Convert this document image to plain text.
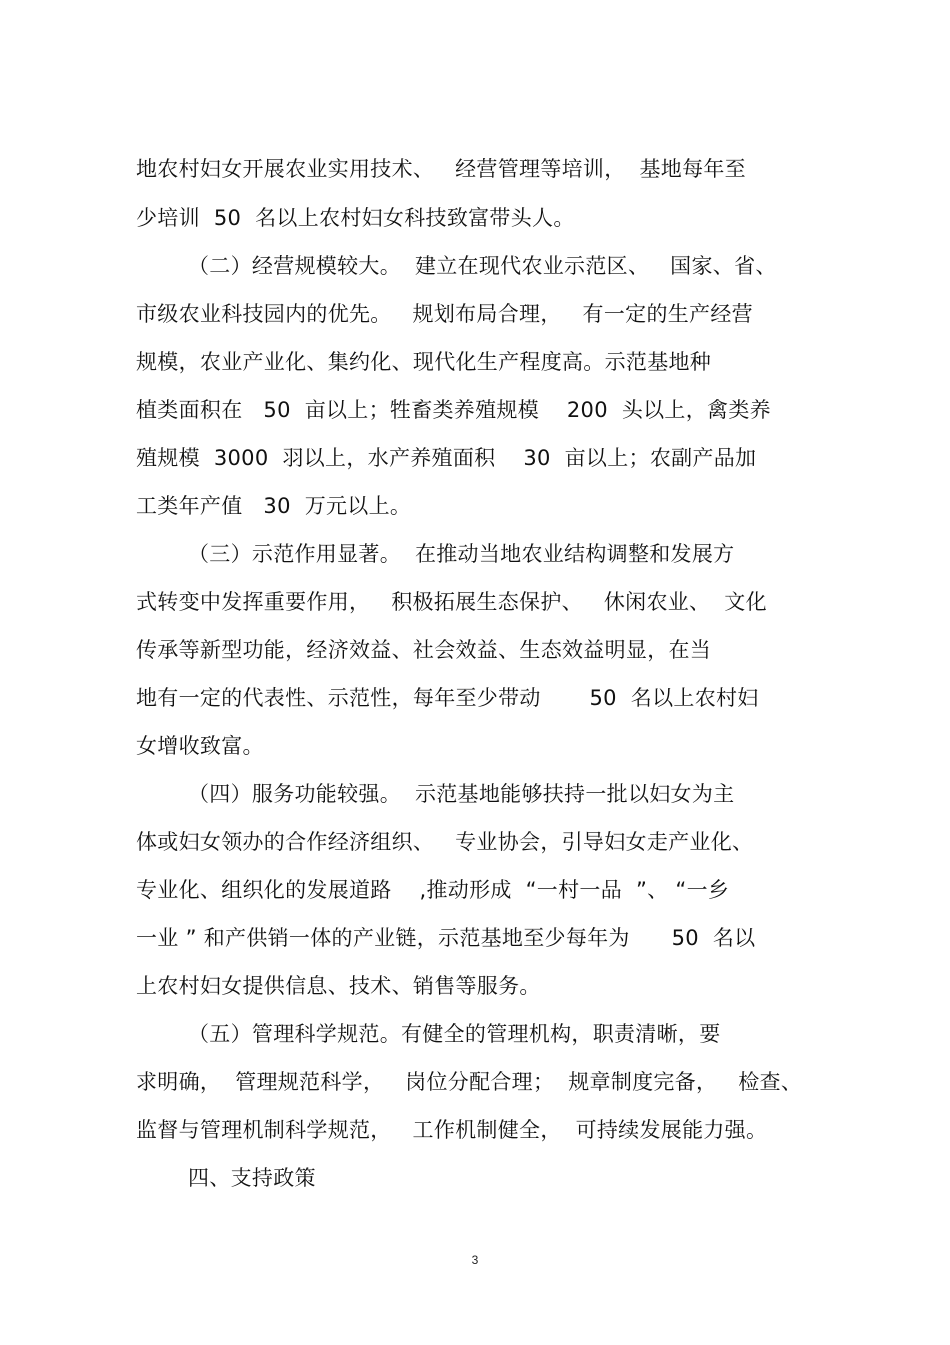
地农村妇女开展农业实用技术、   经营管理等培训，  基地每年至
少培训  50  名以上农村妇女科技致富带头人。
（二）经营规模较大。  建立在现代农业示范区、   国家、省、
市级农业科技园内的优先。   规划布局合理，   有一定的生产经营
规模，农业产业化、集约化、现代化生产程度高。示范基地种
植类面积在   50  亩以上；牲畜类养殖规模    200  头以上，禽类养
殖规模  3000  羽以上，水产养殖面积    30  亩以上；农副产品加
工类年产值   30  万元以上。
（三）示范作用显著。  在推动当地农业结构调整和发展方
式转变中发挥重要作用，   积极拓展生态保护、   休闲农业、  文化
传承等新型功能，经济效益、社会效益、生态效益明显，在当
地有一定的代表性、示范性，每年至少带动       50  名以上农村妇
女增收致富。
（四）服务功能较强。  示范基地能够扶持一批以妇女为主
体或妇女领办的合作经济组织、   专业协会，引导妇女走产业化、
专业化、组织化的发展道路    ,推动形成  “一村一品  ”、 “一乡
一业 ” 和产供销一体的产业链，示范基地至少每年为      50  名以
上农村妇女提供信息、技术、销售等服务。
（五）管理科学规范。有健全的管理机构，职责清晰，要
求明确，  管理规范科学，   岗位分配合理；  规章制度完备，   检查、
监督与管理机制科学规范，   工作机制健全，  可持续发展能力强。
四、支持政策
3
